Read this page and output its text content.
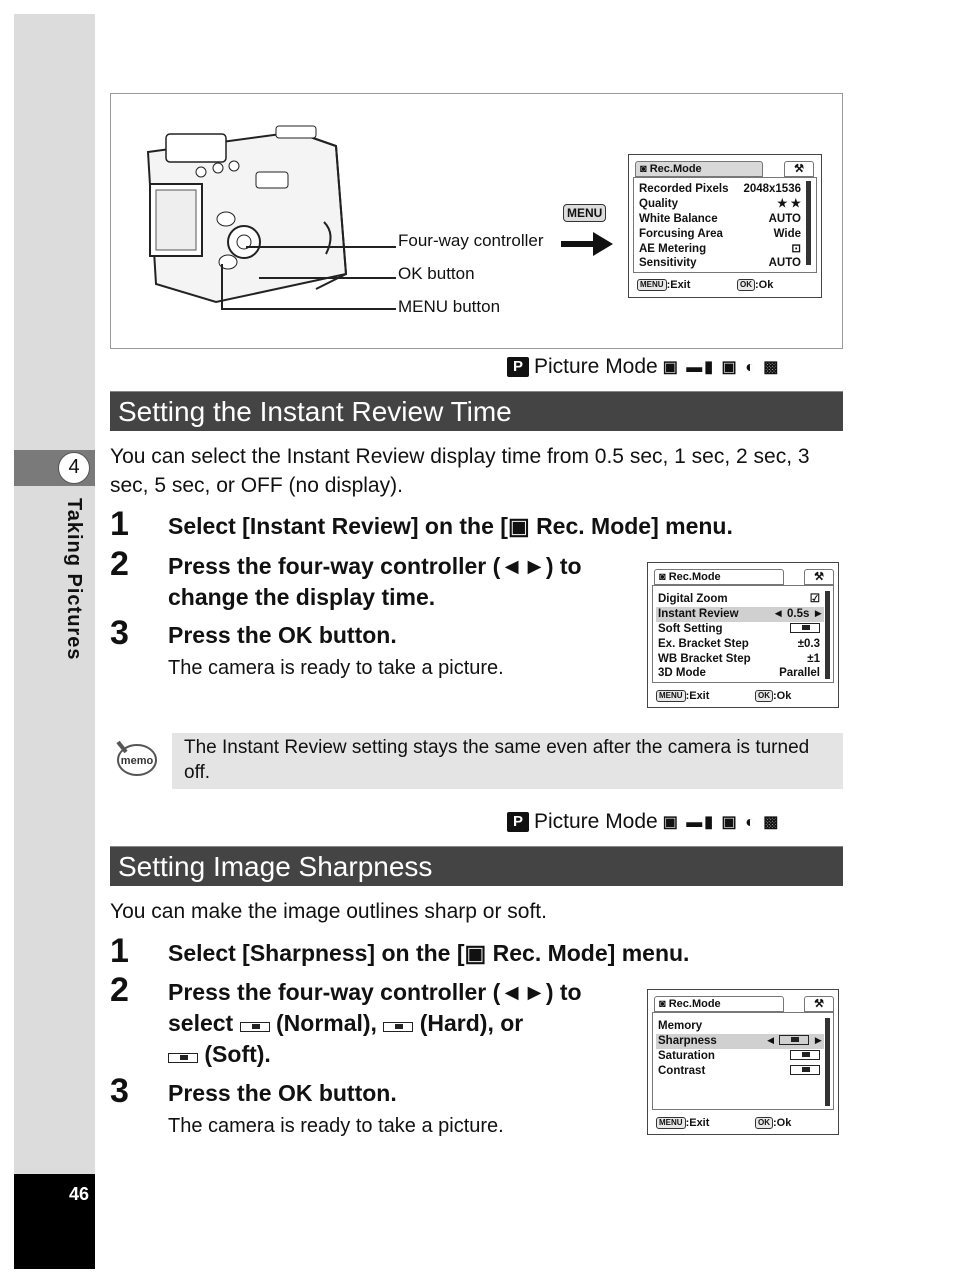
4
Taking Pictures
46
Four-way controller
OK button
MENU button
MENU
◙ Rec.Mode	⚒
Recorded Pixels 2048x1536
Quality	★ ★
White Balance	AUTO
Forcusing Area	Wide
AE Metering	⊡
Sensitivity	AUTO
MENU :Exit	OK :Ok
P Picture Mode ▣ ▬▮ ▣ ◐ ▩
Setting the Instant Review Time
You can select the Instant Review display time from 0.5 sec, 1 sec, 2 sec, 3 sec, 5 sec, or OFF (no display).
1 Select [Instant Review] on the [▣ Rec. Mode] menu.
2 Press the four-way controller (◄►) to change the display time.
3 Press the OK button.
The camera is ready to take a picture.
◙ Rec.Mode	⚒
Digital Zoom	☑
Instant Review	◄ 0.5s ►
Soft Setting
Ex. Bracket Step	±0.3
WB Bracket Step	±1
3D Mode	Parallel
MENU :Exit	OK :Ok
memo
The Instant Review setting stays the same even after the camera is turned off.
P Picture Mode ▣ ▬▮ ▣ ◐ ▩
Setting Image Sharpness
You can make the image outlines sharp or soft.
1 Select [Sharpness] on the [▣ Rec. Mode] menu.
2 Press the four-way controller (◄►) to
select (Normal), (Hard), or
(Soft).
3 Press the OK button.
The camera is ready to take a picture.
◙ Rec.Mode	⚒
Memory
Sharpness	◄	►
Saturation
Contrast
MENU :Exit	OK :Ok
